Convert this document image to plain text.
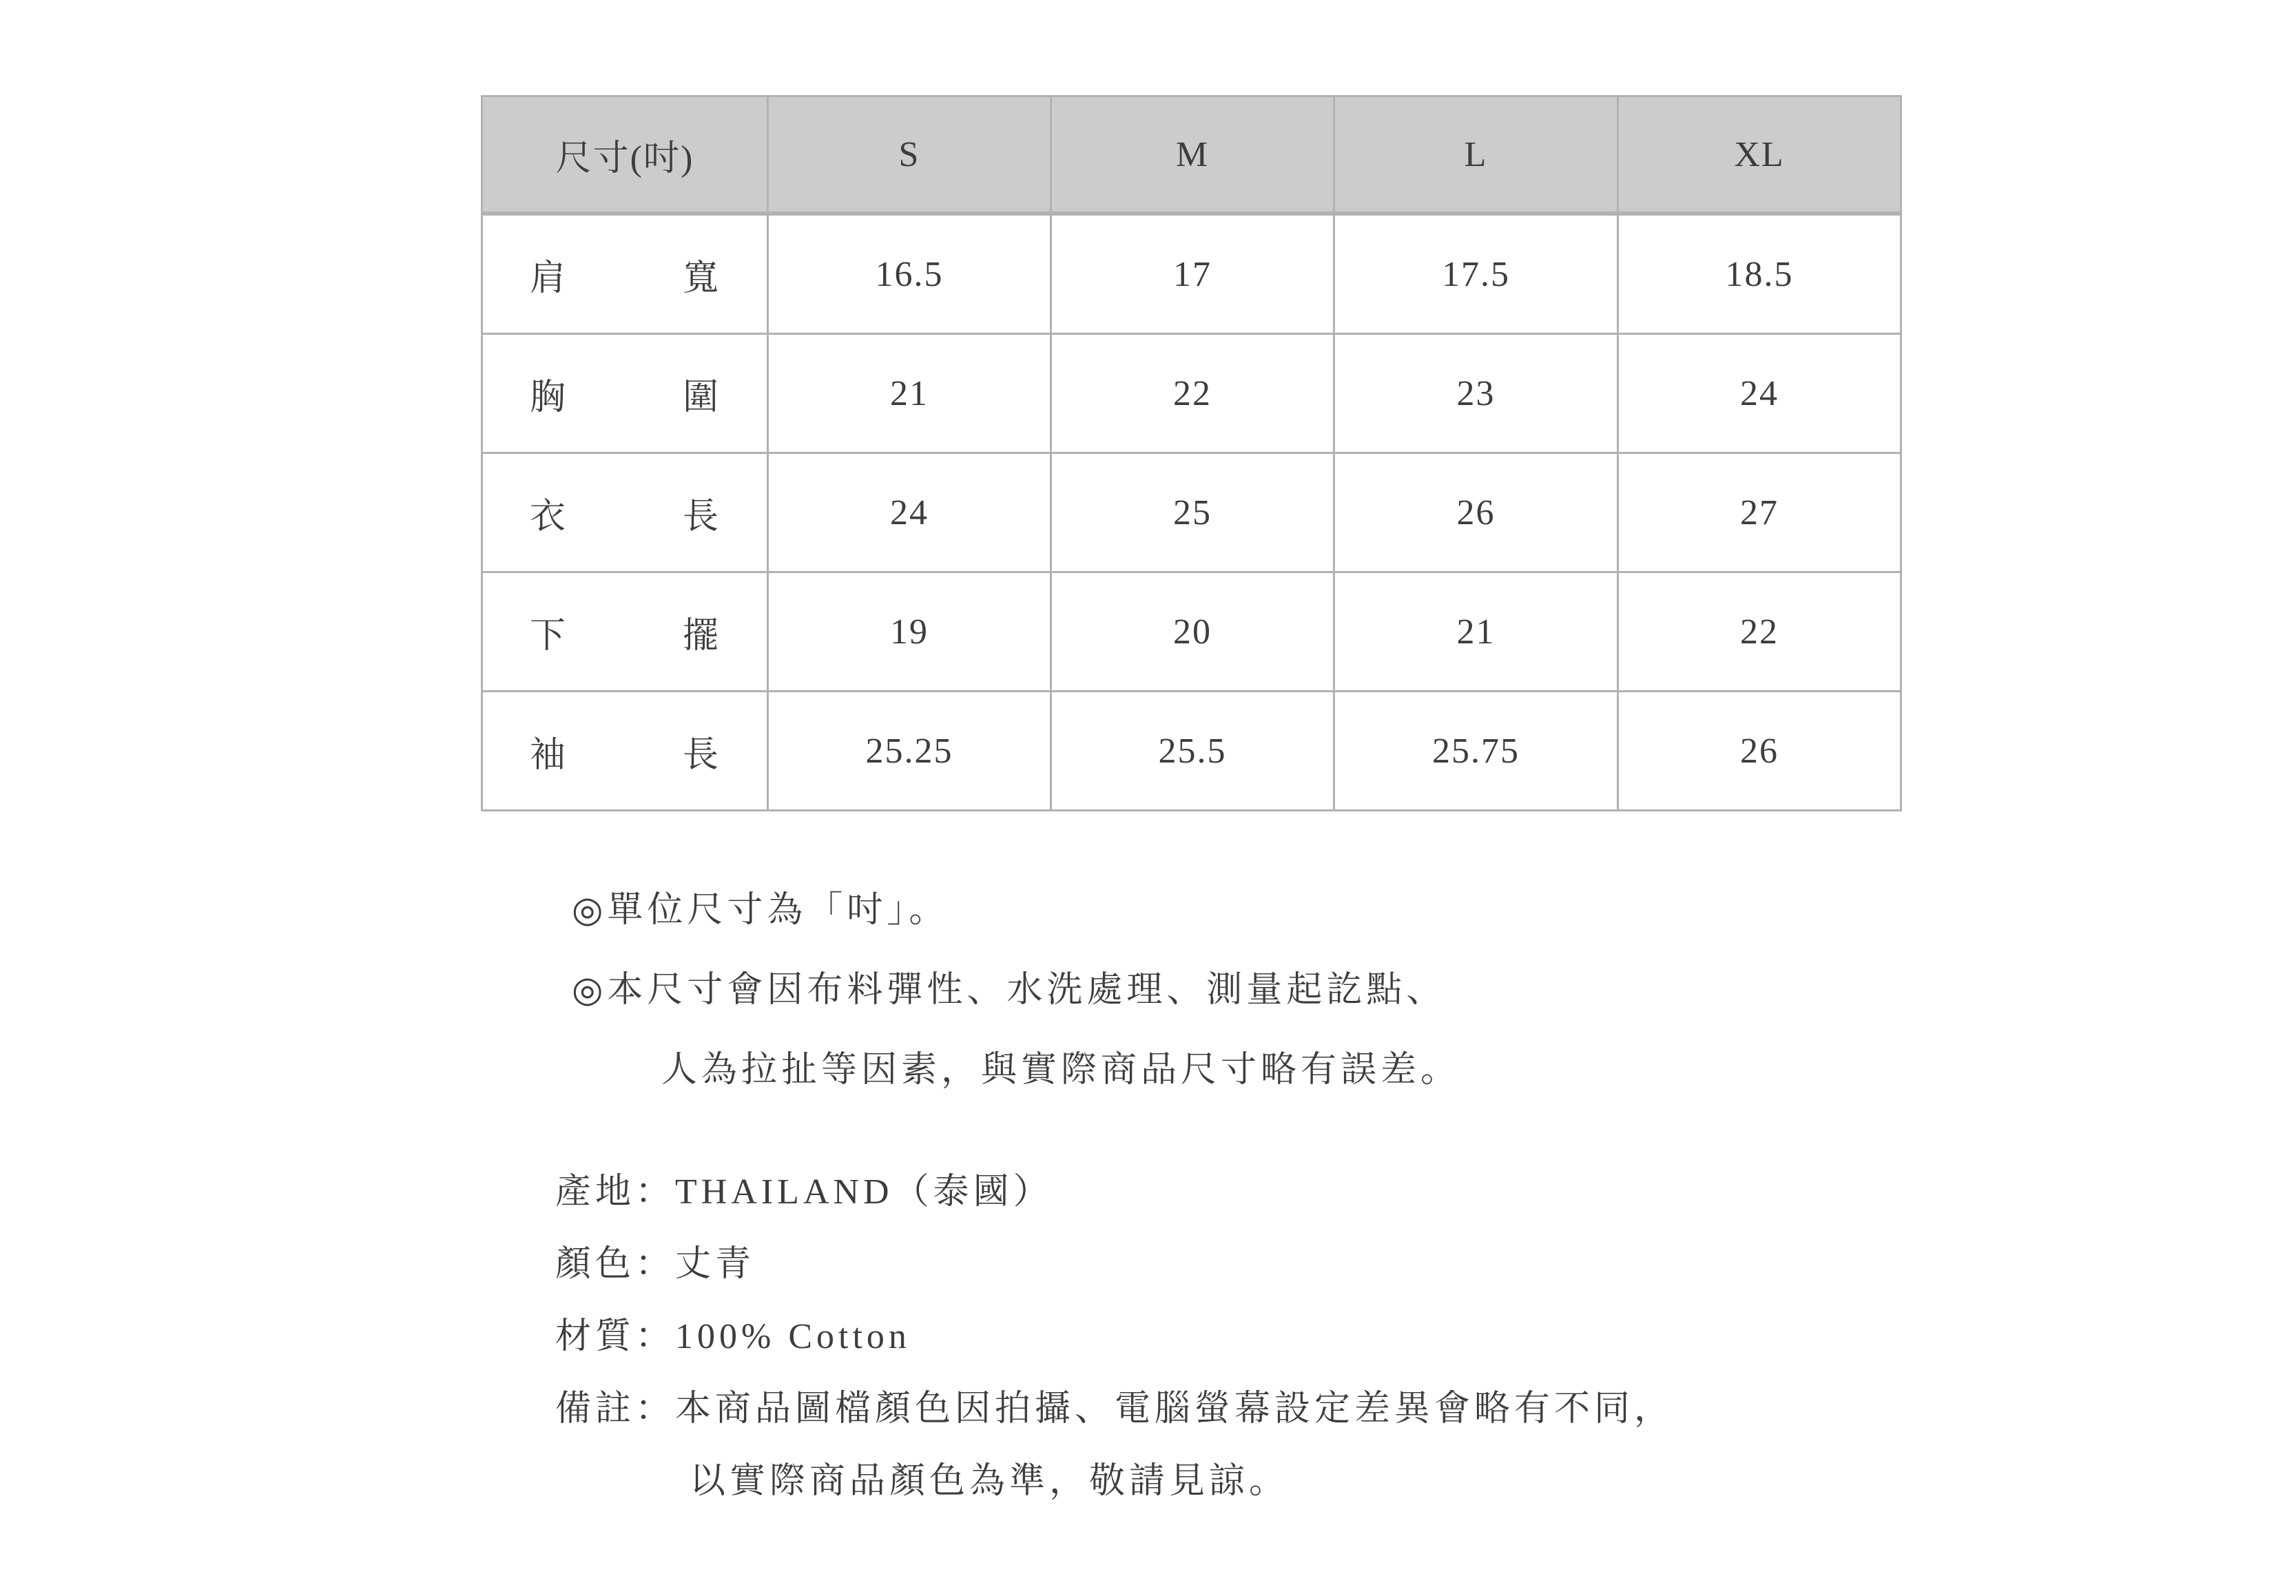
尺寸(吋)	S	M	L	XL

肩 寬	16.5	17	17.5	18.5

胸 圍	21	22	23	24

衣 長	24	25	26	27

下 擺	19	20	21	22

袖 長	25.25	25.5	25.75	26

◎單位尺寸為「吋」。

◎本尺寸會因布料彈性、水洗處理、測量起訖點、

人為拉扯等因素，與實際商品尺寸略有誤差。

產地：THAILAND（泰國）

顏色：丈青

材質：100% Cotton

備註：本商品圖檔顏色因拍攝、電腦螢幕設定差異會略有不同，

以實際商品顏色為準，敬請見諒。
